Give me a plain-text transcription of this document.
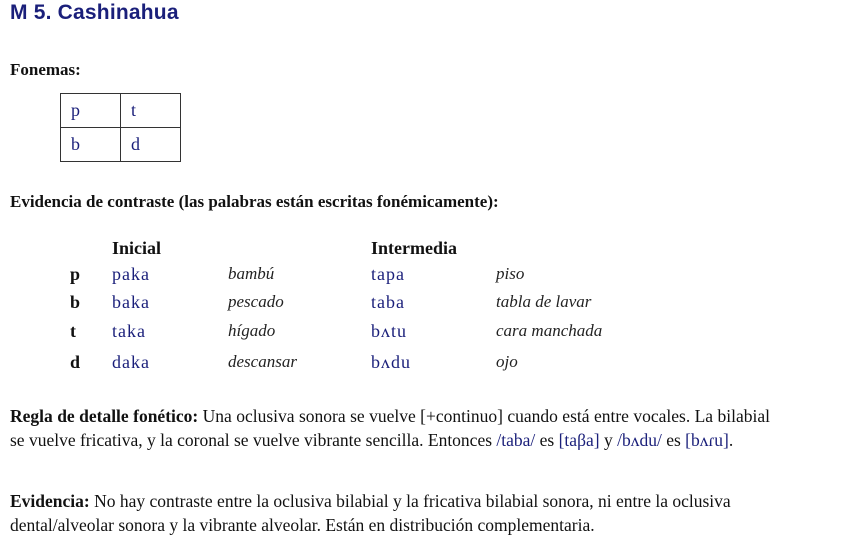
M 5. Cashinahua
Fonemas:
p	t
b	d
Evidencia de contraste (las palabras están escritas fonémicamente):
Inicial	Intermedia
p paka	bambú	tapa	piso
b baka	pescado	taba	tabla de lavar
t taka	hígado	bʌtu	cara manchada
d daka	descansar	bʌdu	ojo

Regla de detalle fonético: Una oclusiva sonora se vuelve [+continuo] cuando está entre vocales. La bilabial se vuelve fricativa, y la coronal se vuelve vibrante sencilla. Entonces /taba/ es [taβa] y /bʌdu/ es [bʌɾu].

Evidencia: No hay contraste entre la oclusiva bilabial y la fricativa bilabial sonora, ni entre la oclusiva dental/alveolar sonora y la vibrante alveolar. Están en distribución complementaria.
